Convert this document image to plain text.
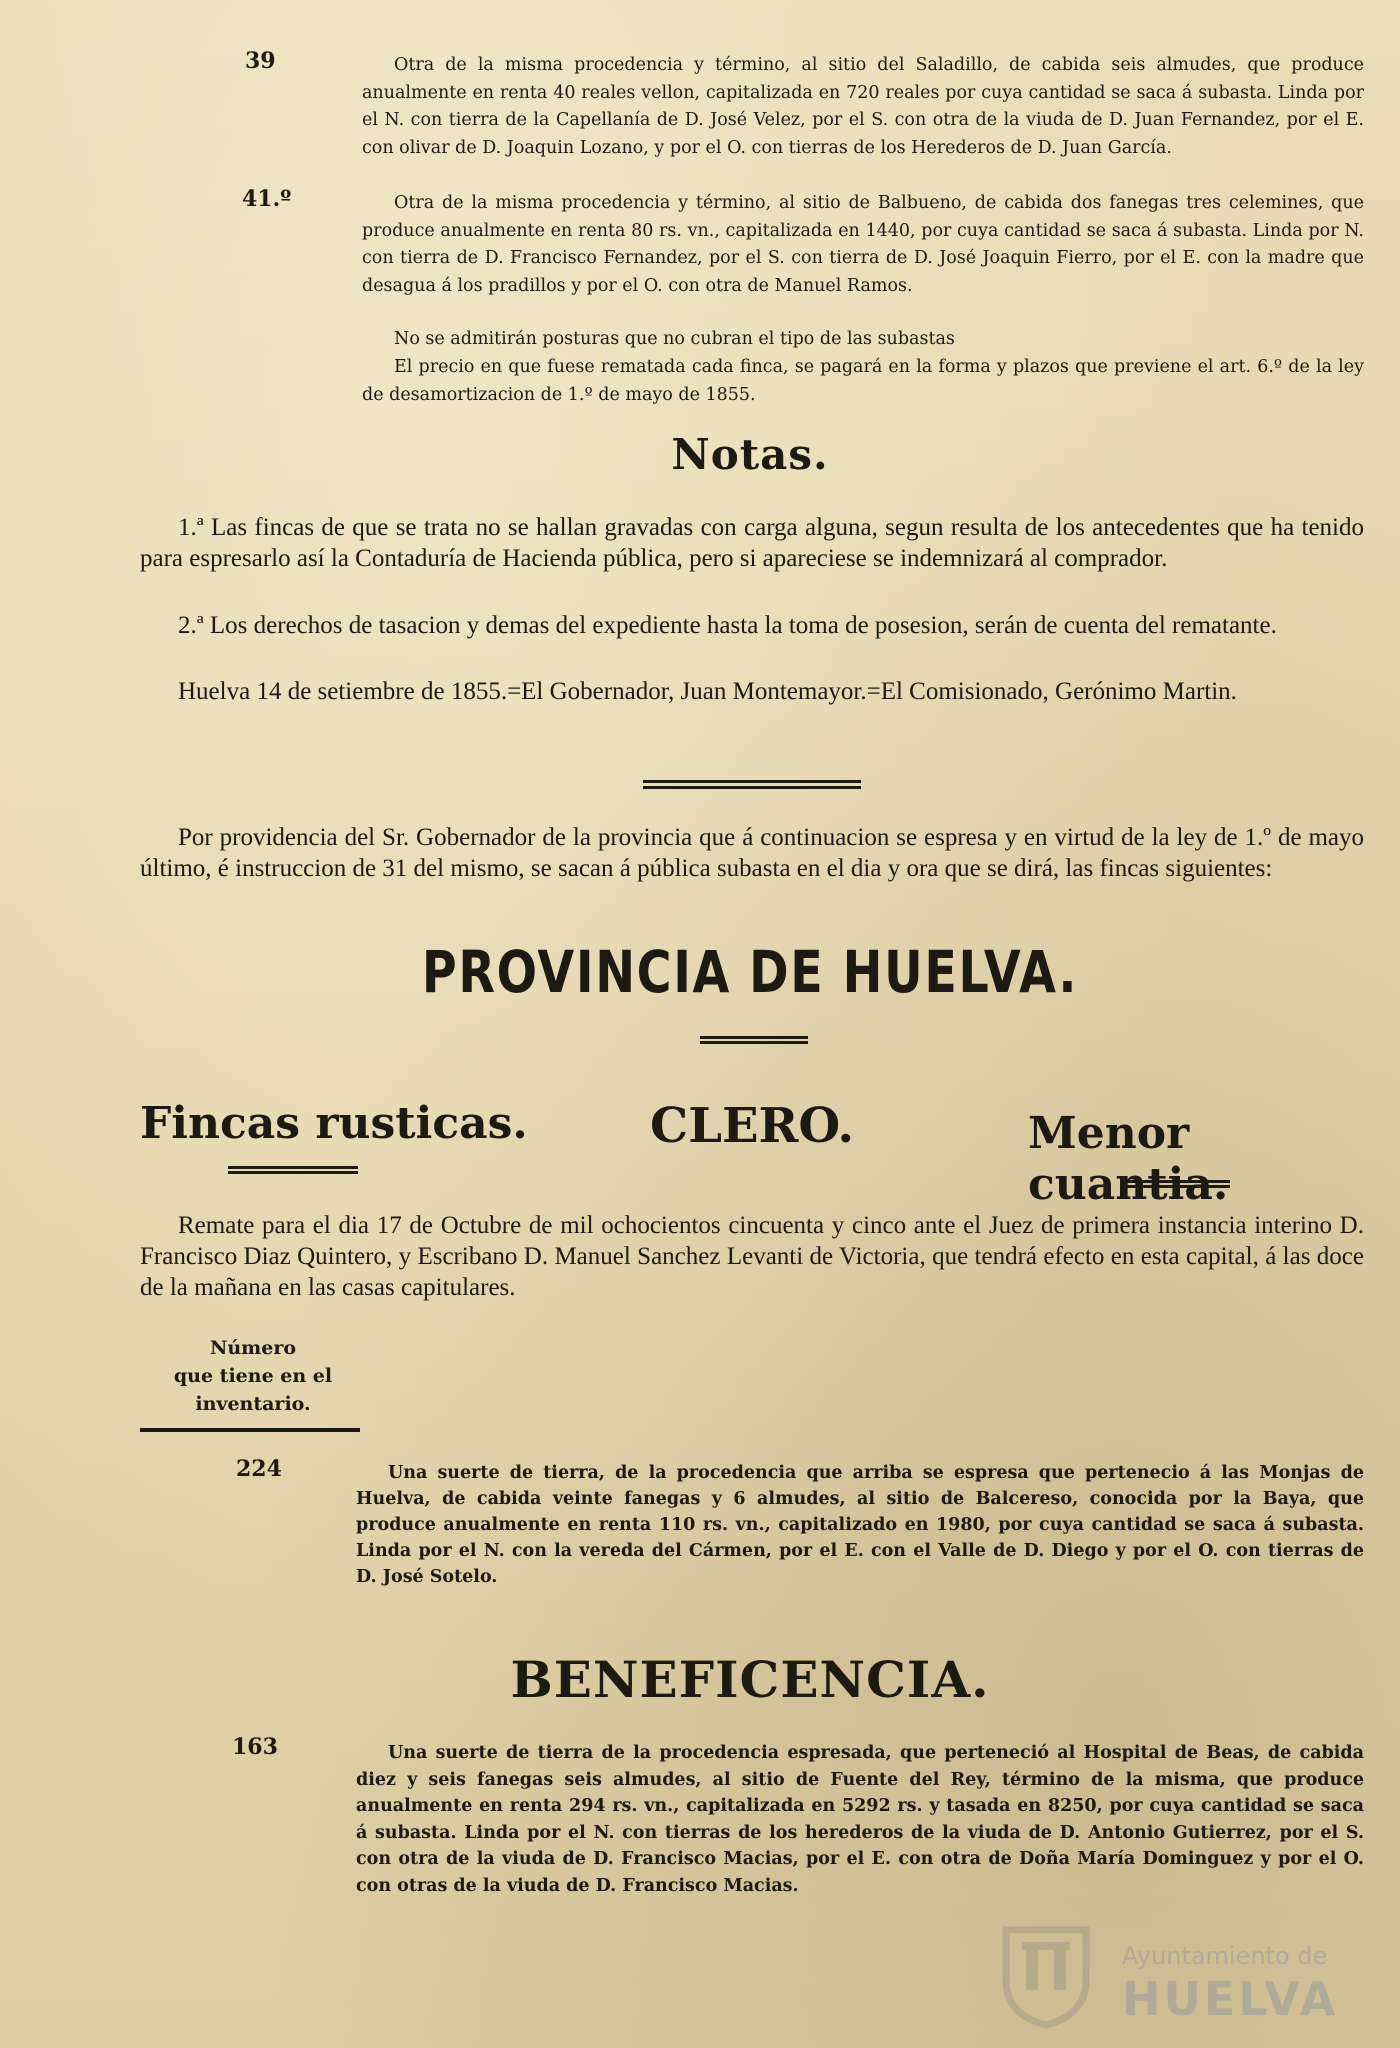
39	Otra de la misma procedencia y término, al sitio del Saladillo, de cabida seis almudes, que produce anualmente en renta 40 reales vellon, capitalizada en 720 reales por cuya cantidad se saca á subasta. Linda por el N. con tierra de la Capellanía de D. José Velez, por el S. con otra de la viuda de D. Juan Fernandez, por el E. con olivar de D. Joaquin Lozano, y por el O. con tierras de los Herederos de D. Juan García.

41.º	Otra de la misma procedencia y término, al sitio de Balbueno, de cabida dos fanegas tres celemines, que produce anualmente en renta 80 rs. vn., capitalizada en 1440, por cuya cantidad se saca á subasta. Linda por N. con tierra de D. Francisco Fernandez, por el S. con tierra de D. José Joaquin Fierro, por el E. con la madre que desagua á los pradillos y por el O. con otra de Manuel Ramos.

No se admitirán posturas que no cubran el tipo de las subastas

El precio en que fuese rematada cada finca, se pagará en la forma y plazos que previene el art. 6.º de la ley de desamortizacion de 1.º de mayo de 1855.

Notas.

1.ª Las fincas de que se trata no se hallan gravadas con carga alguna, segun resulta de los antecedentes que ha tenido para espresarlo así la Contaduría de Hacienda pública, pero si apareciese se indemnizará al comprador.

2.ª Los derechos de tasacion y demas del expediente hasta la toma de posesion, serán de cuenta del rematante.

Huelva 14 de setiembre de 1855.=El Gobernador, Juan Montemayor.=El Comisionado, Gerónimo Martin.

Por providencia del Sr. Gobernador de la provincia que á continuacion se espresa y en virtud de la ley de 1.º de mayo último, é instruccion de 31 del mismo, se sacan á pública subasta en el dia y ora que se dirá, las fincas siguientes:

PROVINCIA DE HUELVA.
Fincas rusticas.	CLERO.	Menor cuantia.

Remate para el dia 17 de Octubre de mil ochocientos cincuenta y cinco ante el Juez de primera instancia interino D. Francisco Diaz Quintero, y Escribano D. Manuel Sanchez Levanti de Victoria, que tendrá efecto en esta capital, á las doce de la mañana en las casas capitulares.

Número
que tiene en el
inventario.
224	Una suerte de tierra, de la procedencia que arriba se espresa que pertenecio á las Monjas de Huelva, de cabida veinte fanegas y 6 almudes, al sitio de Balcereso, conocida por la Baya, que produce anualmente en renta 110 rs. vn., capitalizado en 1980, por cuya cantidad se saca á subasta. Linda por el N. con la vereda del Cármen, por el E. con el Valle de D. Diego y por el O. con tierras de D. José Sotelo.

BENEFICENCIA.
163	Una suerte de tierra de la procedencia espresada, que perteneció al Hospital de Beas, de cabida diez y seis fanegas seis almudes, al sitio de Fuente del Rey, término de la misma, que produce anualmente en renta 294 rs. vn., capitalizada en 5292 rs. y tasada en 8250, por cuya cantidad se saca á subasta. Linda por el N. con tierras de los herederos de la viuda de D. Antonio Gutierrez, por el S. con otra de la viuda de D. Francisco Macias, por el E. con otra de Doña María Dominguez y por el O. con otras de la viuda de D. Francisco Macias.

Ayuntamiento de
HUELVA
